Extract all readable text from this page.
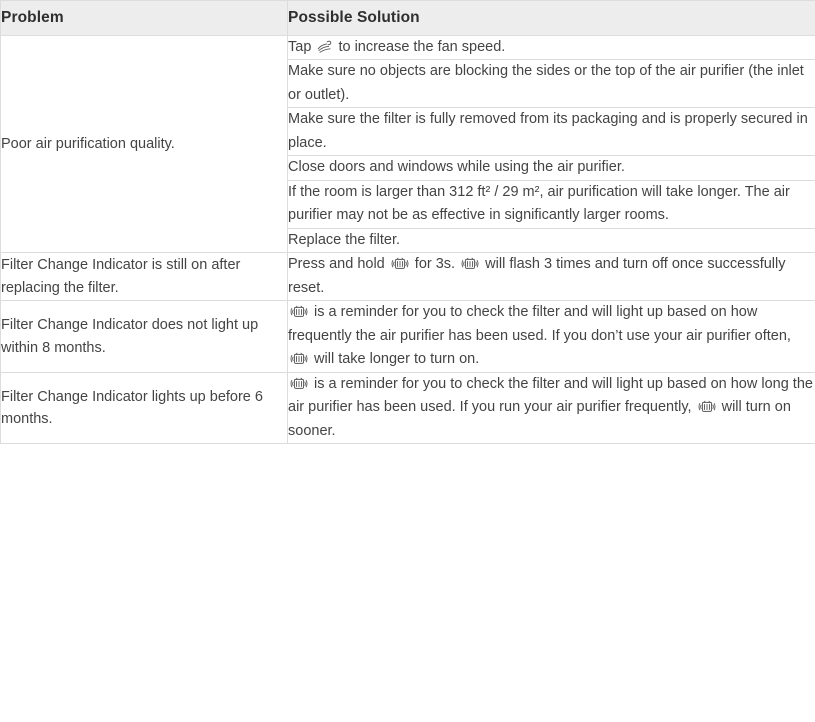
Problem	Possible Solution
Poor air purification quality.	Tap  to increase the fan speed.
	Make sure no objects are blocking the sides or the top of the air purifier (the inlet or outlet).
	Make sure the filter is fully removed from its packaging and is properly secured in place.
	Close doors and windows while using the air purifier.
	If the room is larger than 312 ft² / 29 m², air purification will take longer. The air purifier may not be as effective in significantly larger rooms.
	Replace the filter.
Filter Change Indicator is still on after replacing the filter.	Press and hold  for 3s.  will flash 3 times and turn off once successfully reset.
Filter Change Indicator does not light up within 8 months.	is a reminder for you to check the filter and will light up based on how frequently the air purifier has been used. If you don’t use your air purifier often,  will take longer to turn on.
Filter Change Indicator lights up before 6 months.	is a reminder for you to check the filter and will light up based on how long the air purifier has been used. If you run your air purifier frequently,  will turn on sooner.
